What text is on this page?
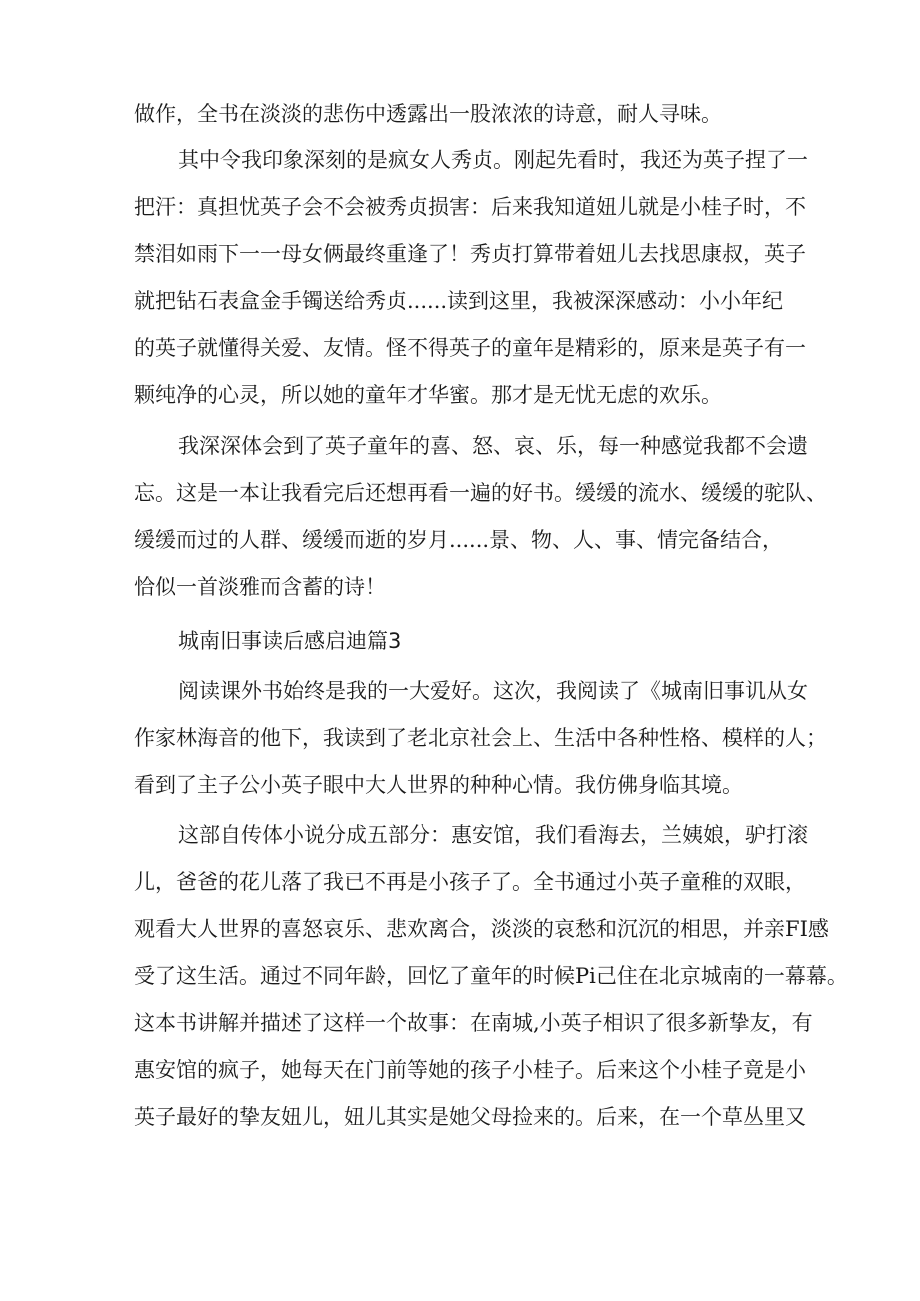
做作，全书在淡淡的悲伤中透露出一股浓浓的诗意，耐人寻味。

其中令我印象深刻的是疯女人秀贞。刚起先看时，我还为英子捏了一

把汗：真担忧英子会不会被秀贞损害：后来我知道妞儿就是小桂子时，不

禁泪如雨下一一母女俩最终重逢了！秀贞打算带着妞儿去找思康叔，英子

就把钻石表盒金手镯送给秀贞......读到这里，我被深深感动：小小年纪

的英子就懂得关爱、友情。怪不得英子的童年是精彩的，原来是英子有一

颗纯净的心灵，所以她的童年才华蜜。那才是无忧无虑的欢乐。

我深深体会到了英子童年的喜、怒、哀、乐，每一种感觉我都不会遗

忘。这是一本让我看完后还想再看一遍的好书。缓缓的流水、缓缓的驼队、

缓缓而过的人群、缓缓而逝的岁月......景、物、人、事、情完备结合，

恰似一首淡雅而含蓄的诗！

城南旧事读后感启迪篇3

阅读课外书始终是我的一大爱好。这次，我阅读了《城南旧事讥从女

作家林海音的他下，我读到了老北京社会上、生活中各种性格、模样的人；

看到了主子公小英子眼中大人世界的种种心情。我仿佛身临其境。

这部自传体小说分成五部分：惠安馆，我们看海去，兰姨娘，驴打滚

儿，爸爸的花儿落了我已不再是小孩子了。全书通过小英子童稚的双眼，

观看大人世界的喜怒哀乐、悲欢离合，淡淡的哀愁和沉沉的相思，并亲FI感

受了这生活。通过不同年龄，回忆了童年的时候Pi己住在北京城南的一幕幕。

这本书讲解并描述了这样一个故事：在南城,小英子相识了很多新挚友，有

惠安馆的疯子，她每天在门前等她的孩子小桂子。后来这个小桂子竟是小

英子最好的挚友妞儿，妞儿其实是她父母捡来的。后来，在一个草丛里又
